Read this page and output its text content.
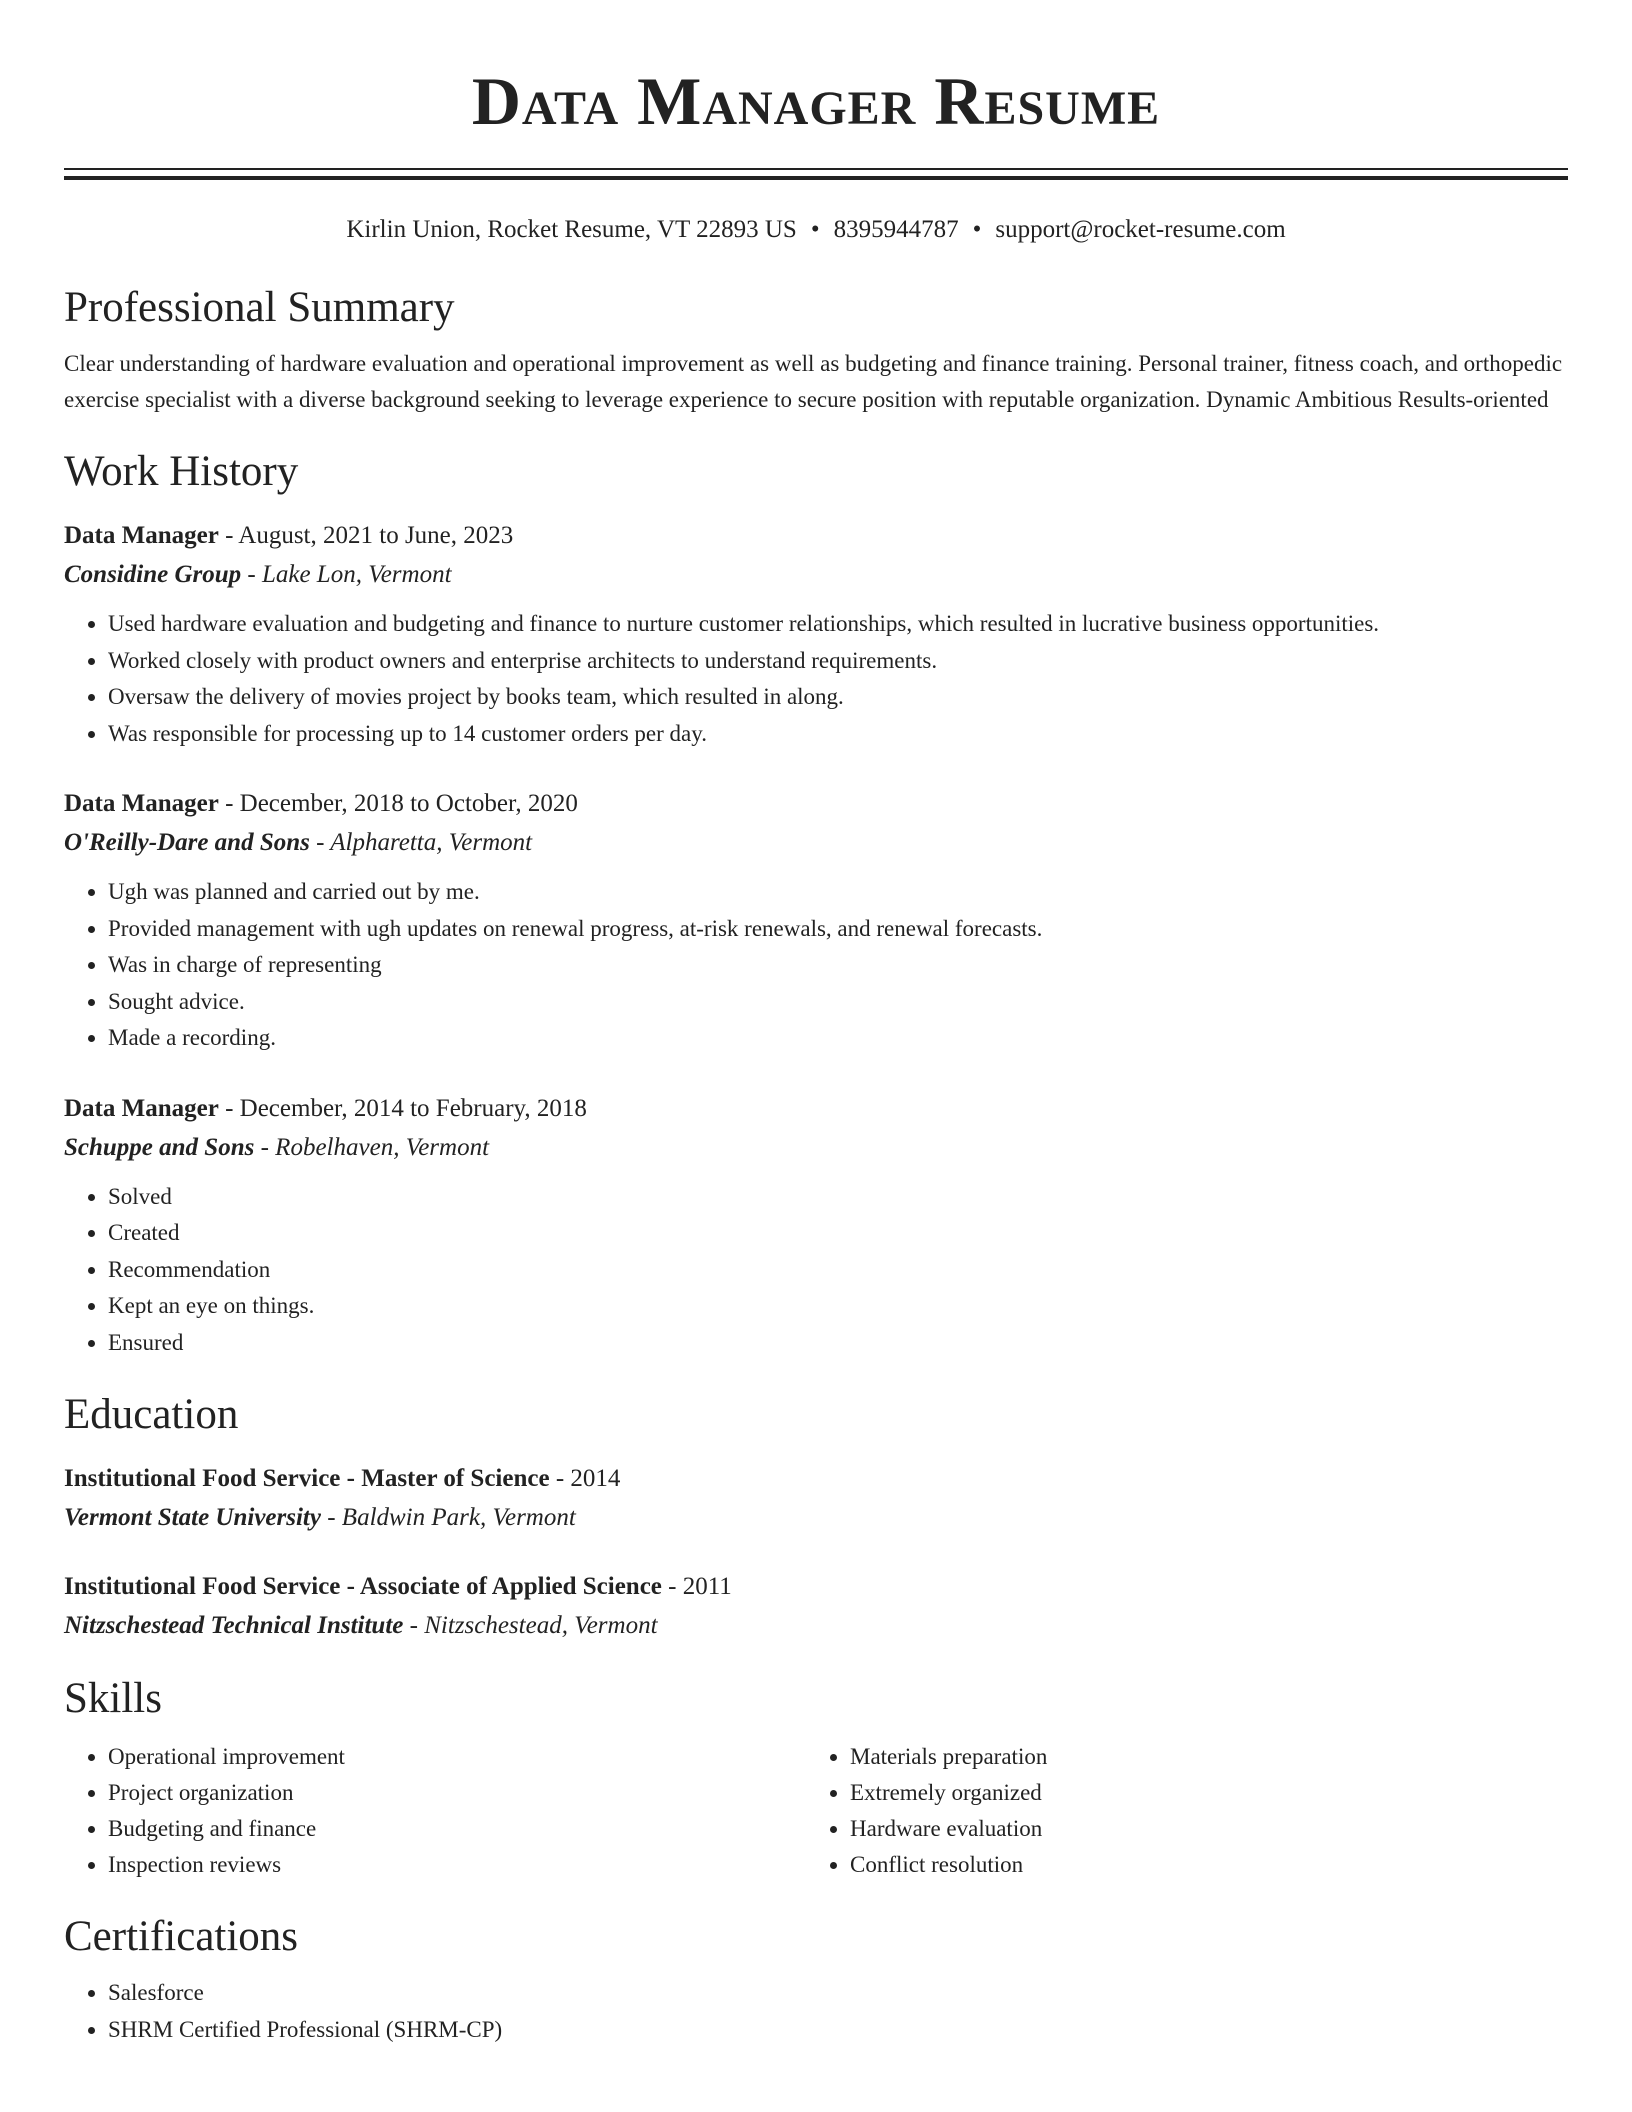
Data Manager Resume
Kirlin Union, Rocket Resume, VT 22893 US • 8395944787 • support@rocket-resume.com
Professional Summary

Clear understanding of hardware evaluation and operational improvement as well as budgeting and finance training. Personal trainer, fitness coach, and orthopedic exercise specialist with a diverse background seeking to leverage experience to secure position with reputable organization. Dynamic Ambitious Results-oriented

Work History
Data Manager - August, 2021 to June, 2023
Considine Group - Lake Lon, Vermont
• Used hardware evaluation and budgeting and finance to nurture customer relationships, which resulted in lucrative business opportunities.
• Worked closely with product owners and enterprise architects to understand requirements.
• Oversaw the delivery of movies project by books team, which resulted in along.
• Was responsible for processing up to 14 customer orders per day.
Data Manager - December, 2018 to October, 2020
O'Reilly-Dare and Sons - Alpharetta, Vermont
• Ugh was planned and carried out by me.
• Provided management with ugh updates on renewal progress, at-risk renewals, and renewal forecasts.
• Was in charge of representing
• Sought advice.
• Made a recording.
Data Manager - December, 2014 to February, 2018
Schuppe and Sons - Robelhaven, Vermont
• Solved
• Created
• Recommendation
• Kept an eye on things.
• Ensured
Education
Institutional Food Service - Master of Science - 2014
Vermont State University - Baldwin Park, Vermont
Institutional Food Service - Associate of Applied Science - 2011
Nitzschestead Technical Institute - Nitzschestead, Vermont
Skills
• Operational improvement
• Project organization
• Budgeting and finance
• Inspection reviews
• Materials preparation
• Extremely organized
• Hardware evaluation
• Conflict resolution
Certifications
• Salesforce
• SHRM Certified Professional (SHRM-CP)
